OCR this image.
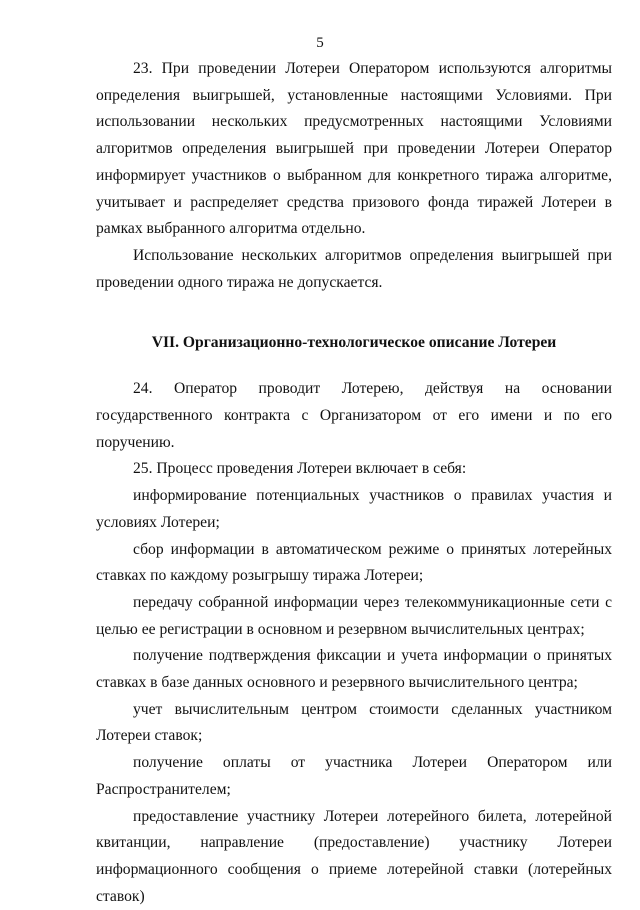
5

23. При проведении Лотереи Оператором используются алгоритмы определения выигрышей, установленные настоящими Условиями. При использовании нескольких предусмотренных настоящими Условиями алгоритмов определения выигрышей при проведении Лотереи Оператор информирует участников о выбранном для конкретного тиража алгоритме, учитывает и распределяет средства призового фонда тиражей Лотереи в рамках выбранного алгоритма отдельно.

Использование нескольких алгоритмов определения выигрышей при проведении одного тиража не допускается.

VII. Организационно-технологическое описание Лотереи

24. Оператор проводит Лотерею, действуя на основании государственного контракта с Организатором от его имени и по его поручению.

25. Процесс проведения Лотереи включает в себя:

информирование потенциальных участников о правилах участия и условиях Лотереи;

сбор информации в автоматическом режиме о принятых лотерейных ставках по каждому розыгрышу тиража Лотереи;

передачу собранной информации через телекоммуникационные сети с целью ее регистрации в основном и резервном вычислительных центрах;

получение подтверждения фиксации и учета информации о принятых ставках в базе данных основного и резервного вычислительного центра;

учет вычислительным центром стоимости сделанных участником Лотереи ставок;

получение оплаты от участника Лотереи Оператором или Распространителем;

предоставление участнику Лотереи лотерейного билета, лотерейной квитанции, направление (предоставление) участнику Лотереи информационного сообщения о приеме лотерейной ставки (лотерейных ставок)
